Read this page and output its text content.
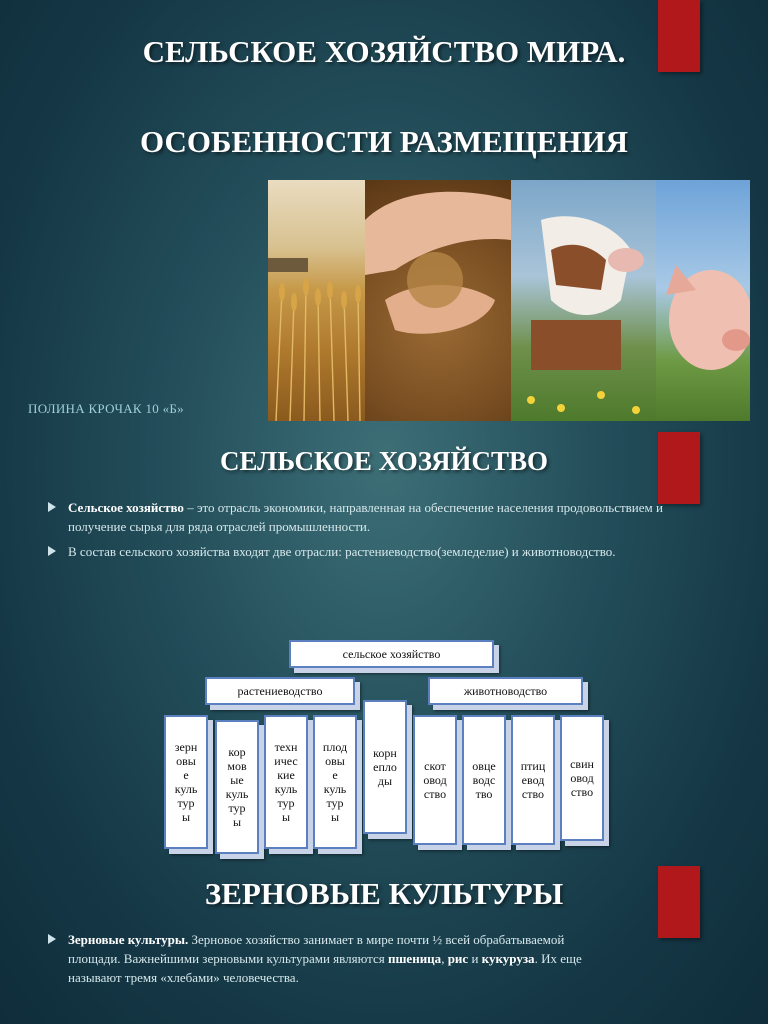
СЕЛЬСКОЕ ХОЗЯЙСТВО МИРА.
ОСОБЕННОСТИ РАЗМЕЩЕНИЯ
ПОЛИНА КРОЧАК 10 «Б»
СЕЛЬСКОЕ ХОЗЯЙСТВО
Сельское хозяйство – это отрасль экономики, направленная на обеспечение населения продовольствием и получение сырья для ряда отраслей промышленности.
В состав сельского хозяйства входят две отрасли: растениеводство(земледелие) и животноводство.
сельское хозяйство
растениеводство	животноводство
зерн
овы
е
куль
тур
ы
кор
мов
ые
куль
тур
ы
техн
ичес
кие
куль
тур
ы
плод
овы
е
куль
тур
ы
корн
еплo
ды
скот
овод
ство
овце
водс
тво
птиц
евод
ство
свин
овод
ство
ЗЕРНОВЫЕ КУЛЬТУРЫ
Зерновые культуры. Зерновое хозяйство занимает в мире почти ½ всей обрабатываемой площади. Важнейшими зерновыми культурами являются пшеница, рис и кукуруза. Их еще называют тремя «хлебами» человечества.
